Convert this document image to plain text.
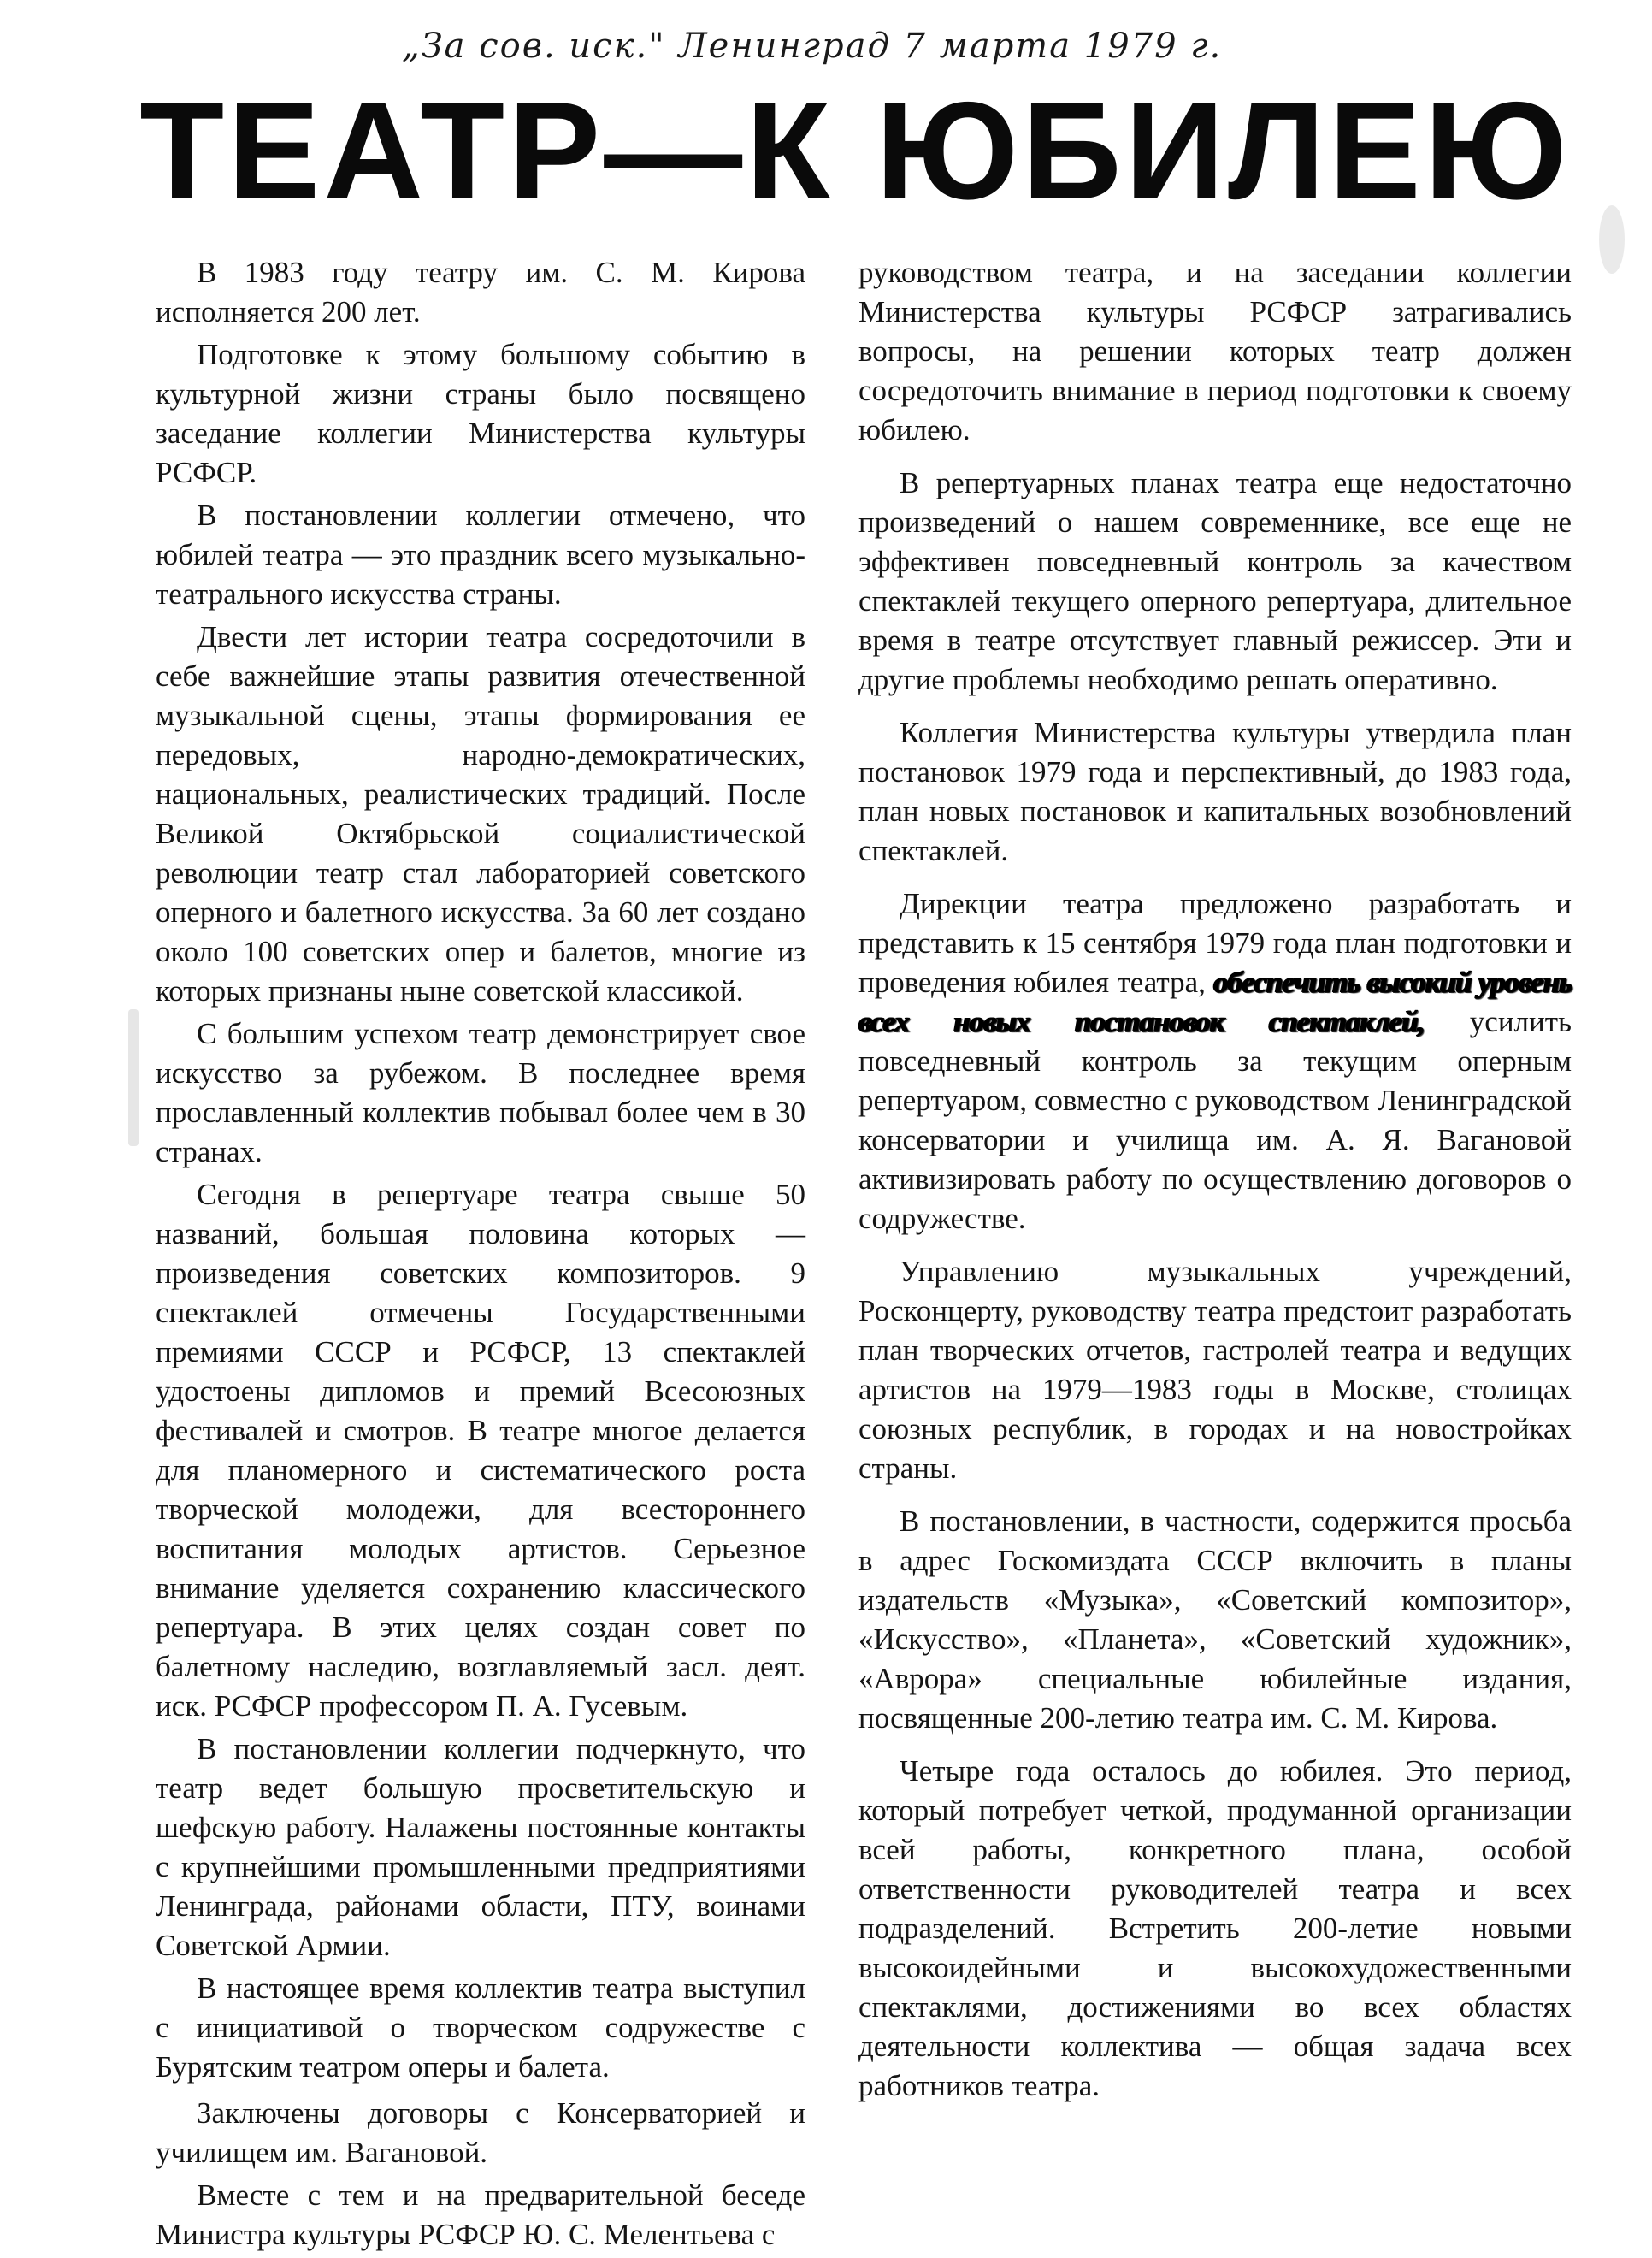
„За сов. иск." Ленинград 7 марта 1979 г.
ТЕАТР—К ЮБИЛЕЮ

В 1983 году театру им. С. М. Кирова исполняется 200 лет.

Подготовке к этому большому событию в культурной жизни страны было посвящено заседание коллегии Министерства культуры РСФСР.

В постановлении коллегии отмечено, что юбилей театра — это праздник всего музыкально-театрального искусства страны.

Двести лет истории театра сосредоточили в себе важнейшие этапы развития отечественной музыкальной сцены, этапы формирования ее передовых, народно-демократических, национальных, реалистических традиций. После Великой Октябрьской социалистической революции театр стал лабораторией советского оперного и балетного искусства. За 60 лет создано около 100 советских опер и балетов, многие из которых признаны ныне советской классикой.

С большим успехом театр демонстрирует свое искусство за рубежом. В последнее время прославленный коллектив побывал более чем в 30 странах.

Сегодня в репертуаре театра свыше 50 названий, большая половина которых — произведения советских композиторов. 9 спектаклей отмечены Государственными премиями СССР и РСФСР, 13 спектаклей удостоены дипломов и премий Всесоюзных фестивалей и смотров. В театре многое делается для планомерного и систематического роста творческой молодежи, для всестороннего воспитания молодых артистов. Серьезное внимание уделяется сохранению классического репертуара. В этих целях создан совет по балетному наследию, возглавляемый засл. деят. иск. РСФСР профессором П. А. Гусевым.

В постановлении коллегии подчеркнуто, что театр ведет большую просветительскую и шефскую работу. Налажены постоянные контакты с крупнейшими промышленными предприятиями Ленинграда, районами области, ПТУ, воинами Советской Армии.

В настоящее время коллектив театра выступил с инициативой о творческом содружестве с Бурятским театром оперы и балета.

Заключены договоры с Консерваторией и училищем им. Вагановой.

Вместе с тем и на предварительной беседе Министра культуры РСФСР Ю. С. Мелентьева с

руководством театра, и на заседании коллегии Министерства культуры РСФСР затрагивались вопросы, на решении которых театр должен сосредоточить внимание в период подготовки к своему юбилею.

В репертуарных планах театра еще недостаточно произведений о нашем современнике, все еще не эффективен повседневный контроль за качеством спектаклей текущего оперного репертуара, длительное время в театре отсутствует главный режиссер. Эти и другие проблемы необходимо решать оперативно.

Коллегия Министерства культуры утвердила план постановок 1979 года и перспективный, до 1983 года, план новых постановок и капитальных возобновлений спектаклей.

Дирекции театра предложено разработать и представить к 15 сентября 1979 года план подготовки и проведения юбилея театра, обеспечить высокий уровень всех новых постановок спектаклей, усилить повседневный контроль за текущим оперным репертуаром, совместно с руководством Ленинградской консерватории и училища им. А. Я. Вагановой активизировать работу по осуществлению договоров о содружестве.

Управлению музыкальных учреждений, Росконцерту, руководству театра предстоит разработать план творческих отчетов, гастролей театра и ведущих артистов на 1979—1983 годы в Москве, столицах союзных республик, в городах и на новостройках страны.

В постановлении, в частности, содержится просьба в адрес Госкомиздата СССР включить в планы издательств «Музыка», «Советский композитор», «Искусство», «Планета», «Советский художник», «Аврора» специальные юбилейные издания, посвященные 200-летию театра им. С. М. Кирова.

Четыре года осталось до юбилея. Это период, который потребует четкой, продуманной организации всей работы, конкретного плана, особой ответственности руководителей театра и всех подразделений. Встретить 200-летие новыми высокоидейными и высокохудожественными спектаклями, достижениями во всех областях деятельности коллектива — общая задача всех работников театра.
